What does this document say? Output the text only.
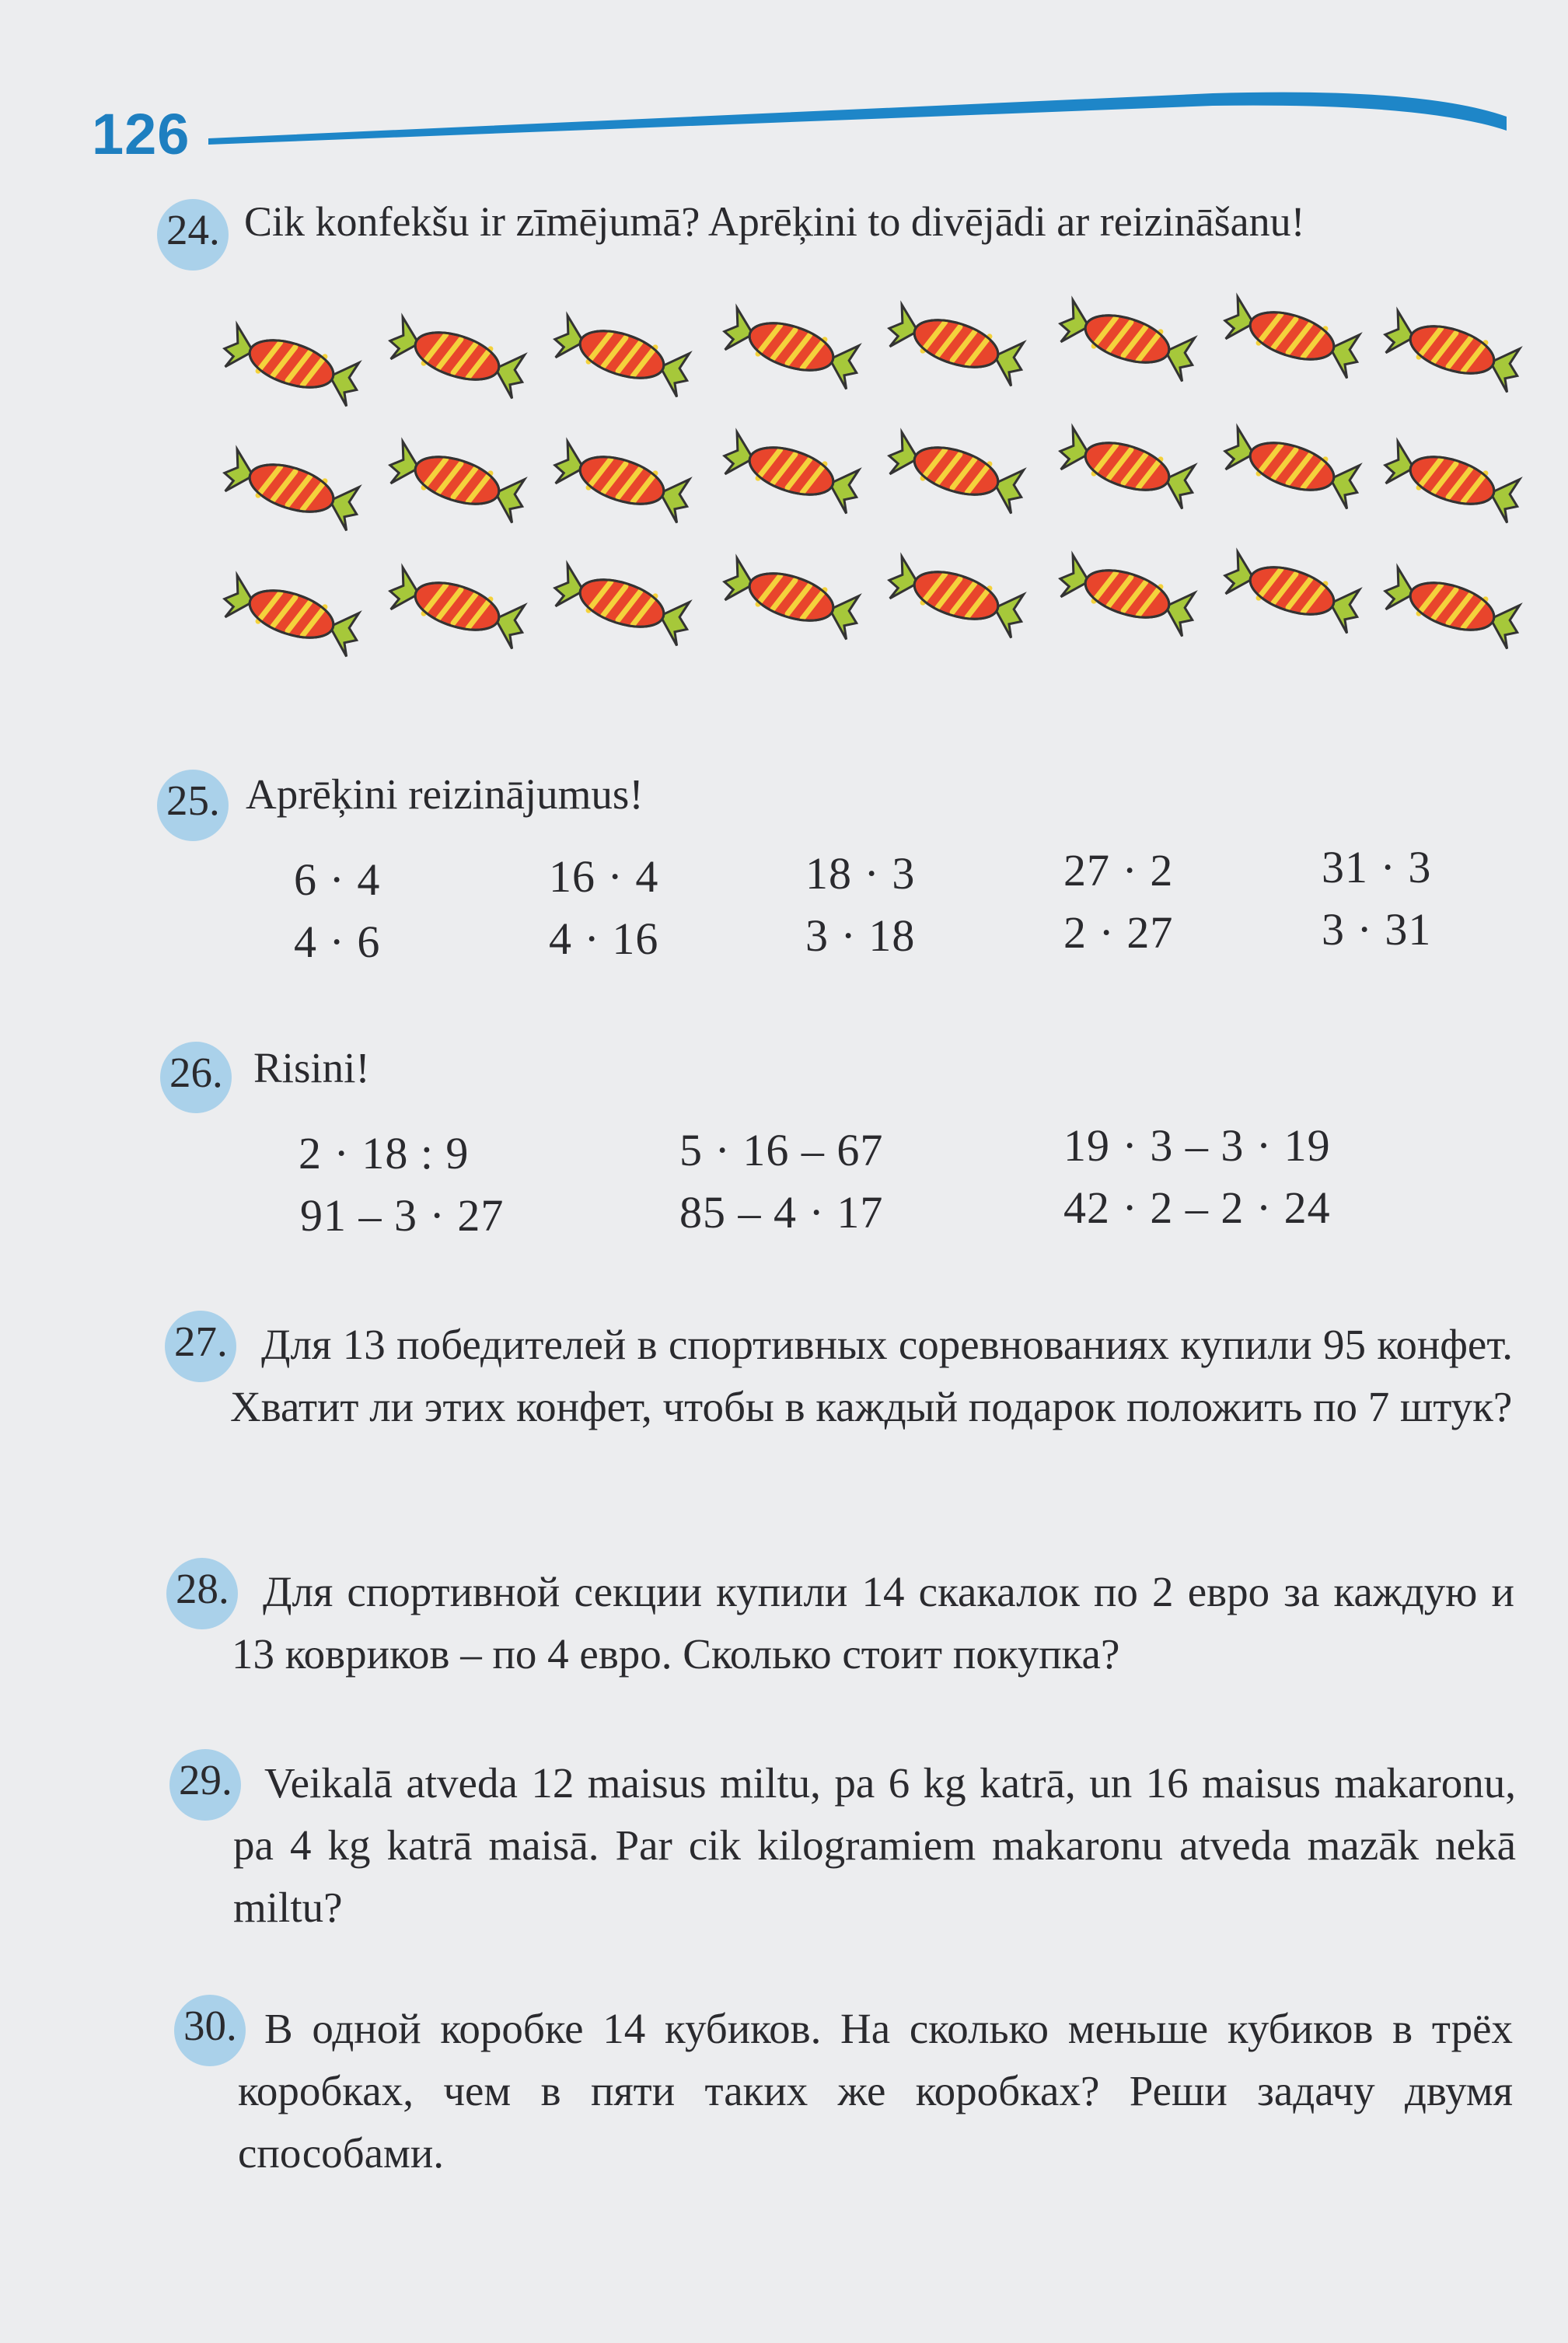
126
24. Cik konfekšu ir zīmējumā? Aprēķini to divējādi ar reizināšanu!
25. Aprēķini reizinājumus!
6 · 4
4 · 6
16 · 4
4 · 16
18 · 3
3 · 18
27 · 2
2 · 27
31 · 3
3 · 31
26. Risini!
2 · 18 : 9
91 – 3 · 27
5 · 16 – 67
85 – 4 · 17
19 · 3 – 3 · 19
42 · 2 – 2 · 24
27. Для 13 победителей в спортивных соревнованиях купили 95 конфет. Хватит ли этих конфет, чтобы в каждый подарок положить по 7 штук?
28. Для спортивной секции купили 14 скакалок по 2 евро за каждую и 13 ковриков – по 4 евро. Сколько стоит покупка?
29. Veikalā atveda 12 maisus miltu, pa 6 kg katrā, un 16 maisus makaronu, pa 4 kg katrā maisā. Par cik kilogramiem makaronu atveda mazāk nekā miltu?
30. В одной коробке 14 кубиков. На сколько меньше кубиков в трёх коробках, чем в пяти таких же коробках? Реши задачу двумя способами.
